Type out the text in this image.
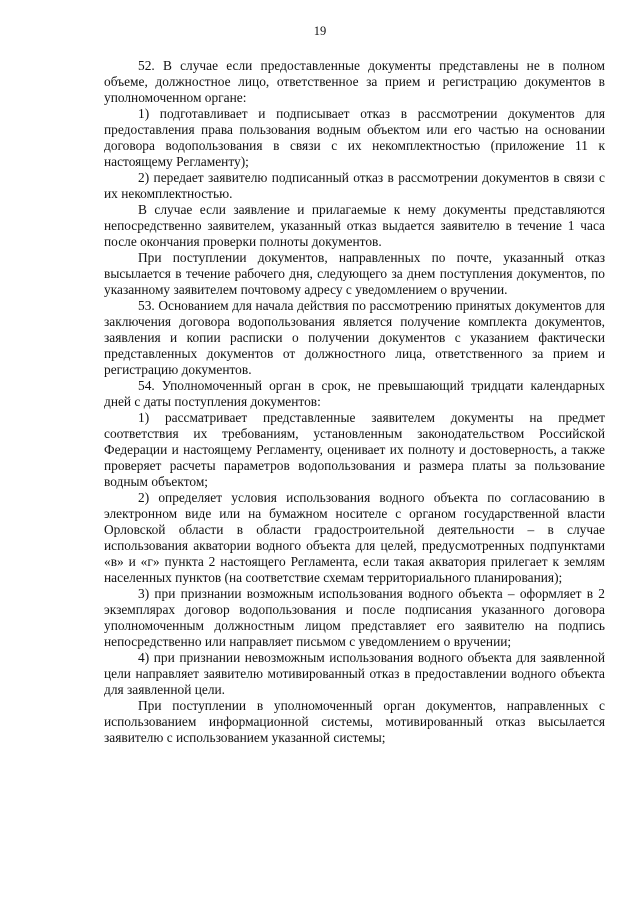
19

52. В случае если предоставленные документы представлены не в полном объеме, должностное лицо, ответственное за прием и регистрацию документов в уполномоченном органе:

1) подготавливает и подписывает отказ в рассмотрении документов для предоставления права пользования водным объектом или его частью на основании договора водопользования в связи с их некомплектностью (приложение 11 к настоящему Регламенту);

2) передает заявителю подписанный отказ в рассмотрении документов в связи с их некомплектностью.

В случае если заявление и прилагаемые к нему документы представляются непосредственно заявителем, указанный отказ выдается заявителю в течение 1 часа после окончания проверки полноты документов.

При поступлении документов, направленных по почте, указанный отказ высылается в течение рабочего дня, следующего за днем поступления документов, по указанному заявителем почтовому адресу с уведомлением о вручении.

53. Основанием для начала действия по рассмотрению принятых документов для заключения договора водопользования является получение комплекта документов, заявления и копии расписки о получении документов с указанием фактически представленных документов от должностного лица, ответственного за прием и регистрацию документов.

54. Уполномоченный орган в срок, не превышающий тридцати календарных дней с даты поступления документов:

1) рассматривает представленные заявителем документы на предмет соответствия их требованиям, установленным законодательством Российской Федерации и настоящему Регламенту, оценивает их полноту и достоверность, а также проверяет расчеты параметров водопользования и размера платы за пользование водным объектом;

2) определяет условия использования водного объекта по согласованию в электронном виде или на бумажном носителе с органом государственной власти Орловской области в области градостроительной деятельности – в случае использования акватории водного объекта для целей, предусмотренных подпунктами «в» и «г» пункта 2 настоящего Регламента, если такая акватория прилегает к землям населенных пунктов (на соответствие схемам территориального планирования);

3) при признании возможным использования водного объекта – оформляет в 2 экземплярах договор водопользования и после подписания указанного договора уполномоченным должностным лицом представляет его заявителю на подпись непосредственно или направляет письмом с уведомлением о вручении;

4) при признании невозможным использования водного объекта для заявленной цели направляет заявителю мотивированный отказ в предоставлении водного объекта для заявленной цели.

При поступлении в уполномоченный орган документов, направленных с использованием информационной системы, мотивированный отказ высылается заявителю с использованием указанной системы;
